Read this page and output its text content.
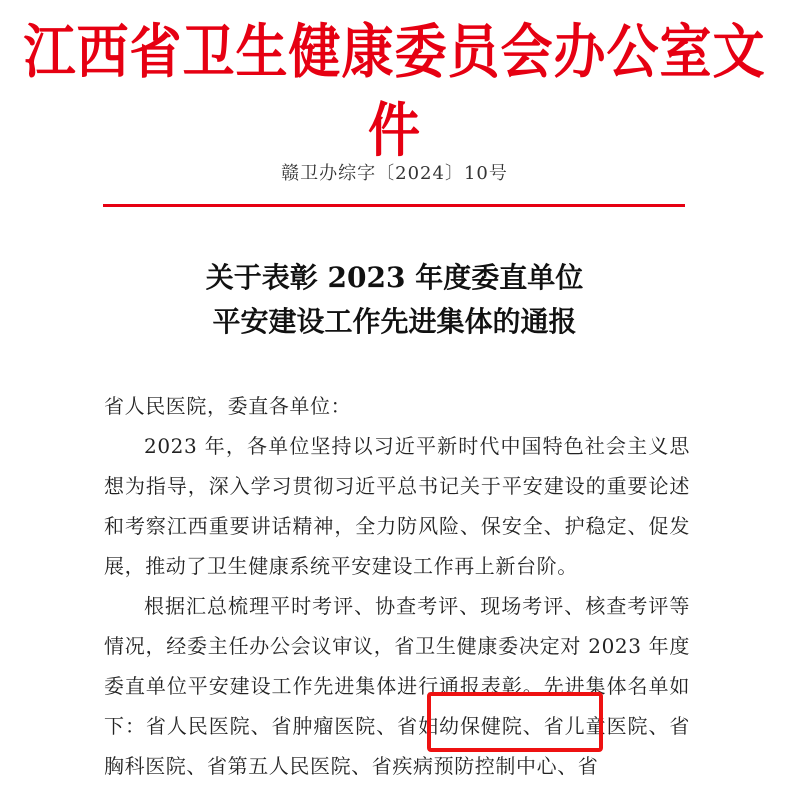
江西省卫生健康委员会办公室文件
赣卫办综字〔2024〕10号
关于表彰 2023 年度委直单位
平安建设工作先进集体的通报

省人民医院，委直各单位：

2023 年，各单位坚持以习近平新时代中国特色社会主义思想为指导，深入学习贯彻习近平总书记关于平安建设的重要论述和考察江西重要讲话精神，全力防风险、保安全、护稳定、促发展，推动了卫生健康系统平安建设工作再上新台阶。

根据汇总梳理平时考评、协查考评、现场考评、核查考评等情况，经委主任办公会议审议，省卫生健康委决定对 2023 年度委直单位平安建设工作先进集体进行通报表彰。先进集体名单如下：省人民医院、省肿瘤医院、省妇幼保健院、省儿童医院、省胸科医院、省第五人民医院、省疾病预防控制中心、省
